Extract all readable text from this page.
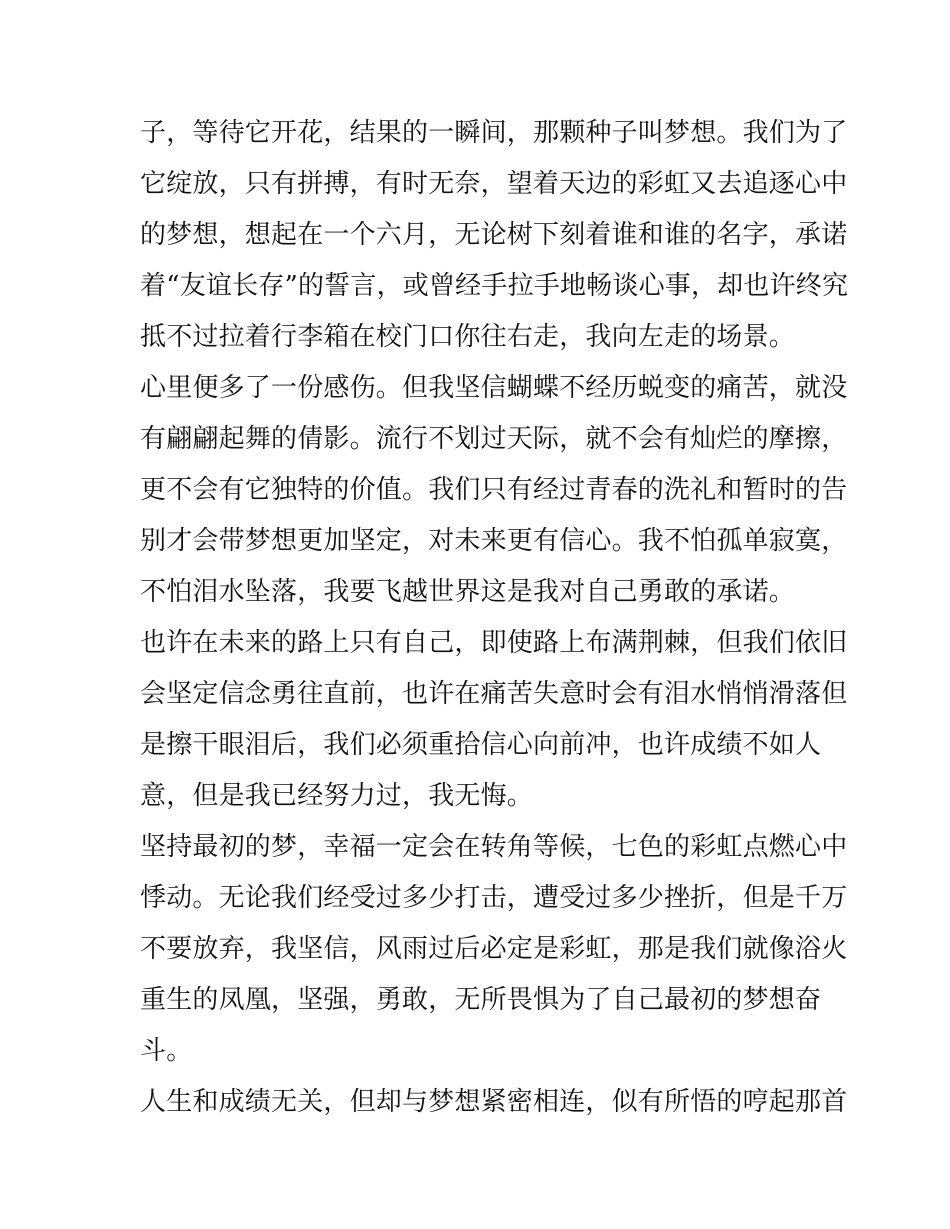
子，等待它开花，结果的一瞬间，那颗种子叫梦想。我们为了
它绽放，只有拼搏，有时无奈，望着天边的彩虹又去追逐心中
的梦想，想起在一个六月，无论树下刻着谁和谁的名字，承诺
着“友谊长存”的誓言，或曾经手拉手地畅谈心事，却也许终究
抵不过拉着行李箱在校门口你往右走，我向左走的场景。
心里便多了一份感伤。但我坚信蝴蝶不经历蜕变的痛苦，就没
有翩翩起舞的倩影。流行不划过天际，就不会有灿烂的摩擦，
更不会有它独特的价值。我们只有经过青春的洗礼和暂时的告
别才会带梦想更加坚定，对未来更有信心。我不怕孤单寂寞，
不怕泪水坠落，我要飞越世界这是我对自己勇敢的承诺。
也许在未来的路上只有自己，即使路上布满荆棘，但我们依旧
会坚定信念勇往直前，也许在痛苦失意时会有泪水悄悄滑落但
是擦干眼泪后，我们必须重拾信心向前冲，也许成绩不如人
意，但是我已经努力过，我无悔。
坚持最初的梦，幸福一定会在转角等候，七色的彩虹点燃心中
悸动。无论我们经受过多少打击，遭受过多少挫折，但是千万
不要放弃，我坚信，风雨过后必定是彩虹，那是我们就像浴火
重生的凤凰，坚强，勇敢，无所畏惧为了自己最初的梦想奋
斗。
人生和成绩无关，但却与梦想紧密相连，似有所悟的哼起那首
